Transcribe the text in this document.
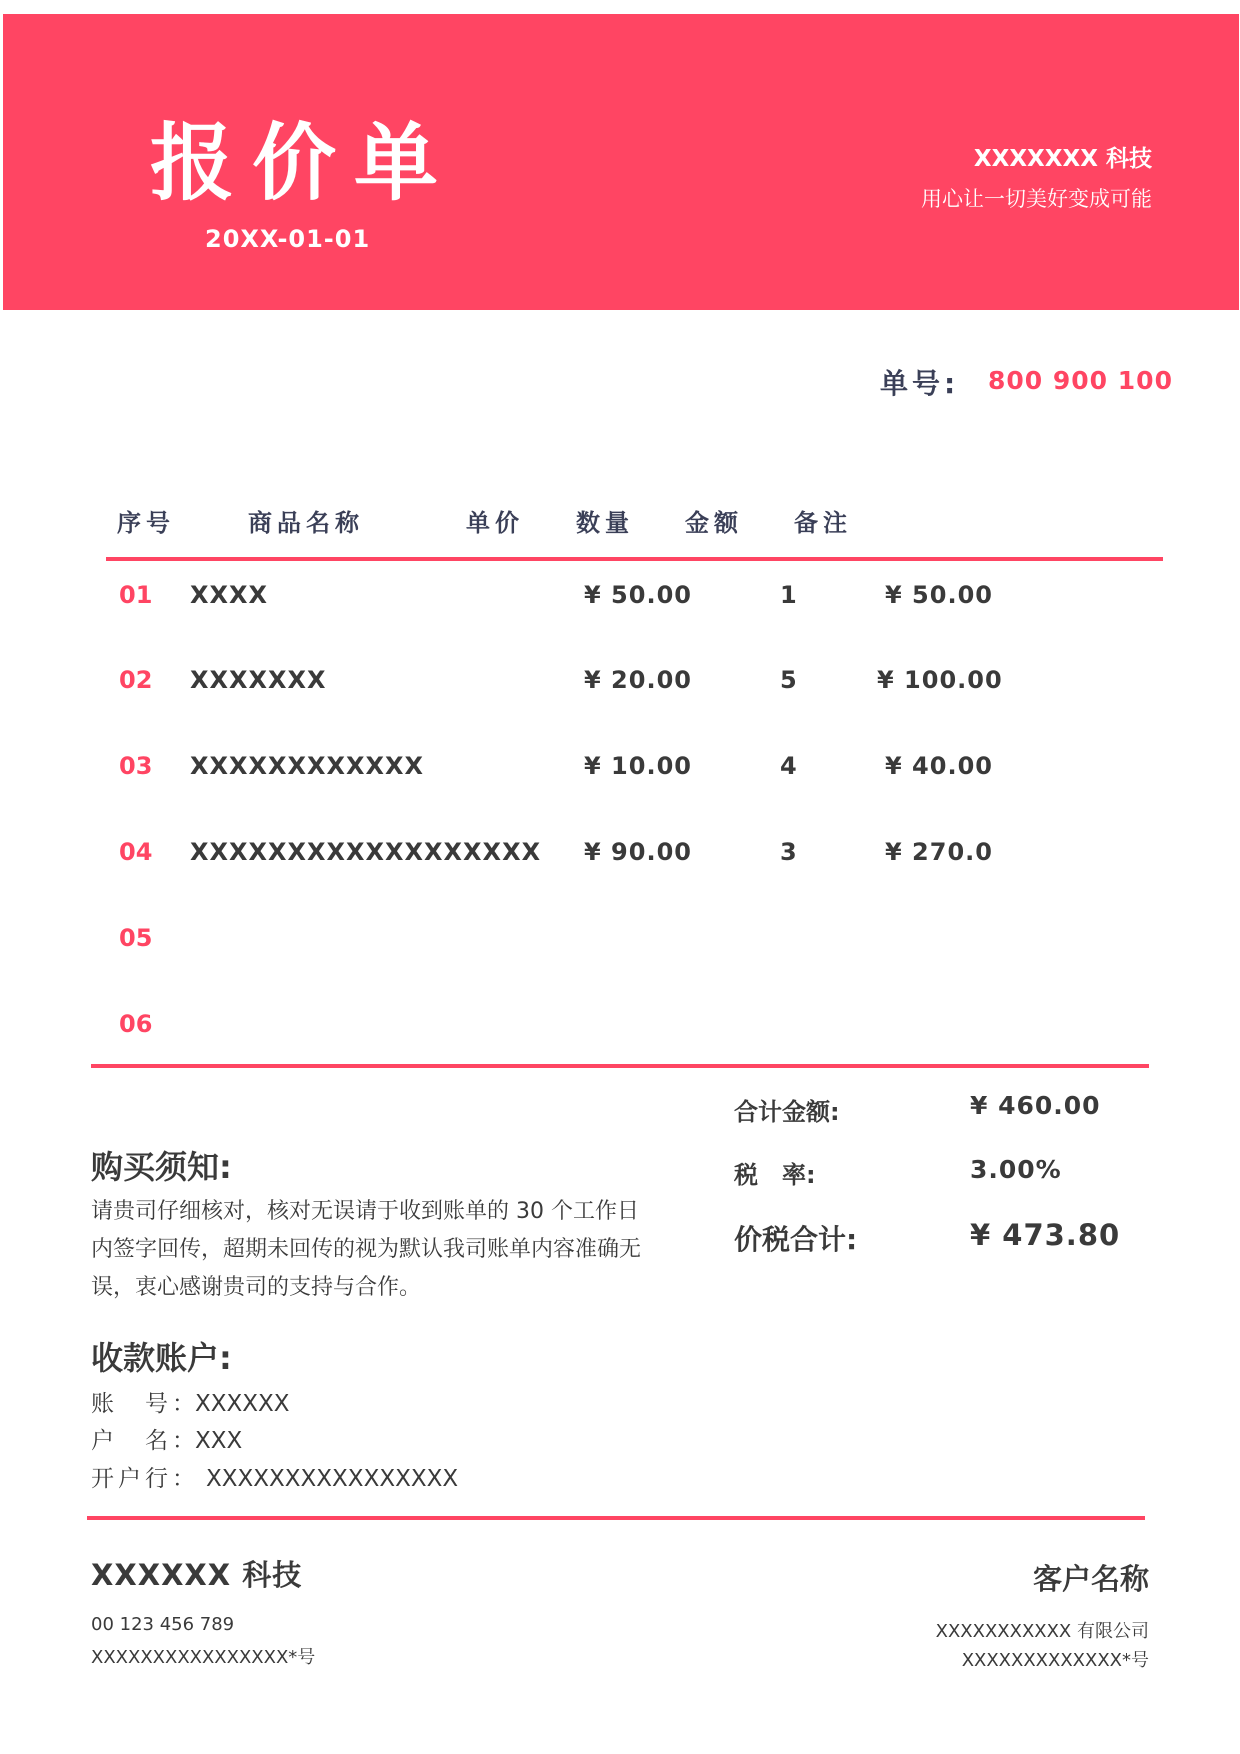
报价单
20XX-01-01
XXXXXXX 科技
用心让一切美好变成可能
单号: 800 900 100
序号	商品名称	单价 数量 金额 备注
01 XXXX	¥ 50.00	1	¥ 50.00
02 XXXXXXX	¥ 20.00	5	¥ 100.00
03 XXXXXXXXXXXX	¥ 10.00	4	¥ 40.00
04 XXXXXXXXXXXXXXXXXX ¥ 90.00	3	¥ 270.0
05
06
合计金额:	¥ 460.00
税　率:	3.00%
价税合计:	¥ 473.80
购买须知:
请贵司仔细核对，核对无误请于收到账单的 30 个工作日内签字回传，超期未回传的视为默认我司账单内容准确无误，衷心感谢贵司的支持与合作。
收款账户:
账　号：XXXXXX
户　名：XXX
开户行： XXXXXXXXXXXXXXXX
XXXXXX 科技
00 123 456 789
XXXXXXXXXXXXXXXX*号
客户名称
XXXXXXXXXXX 有限公司
XXXXXXXXXXXXX*号
